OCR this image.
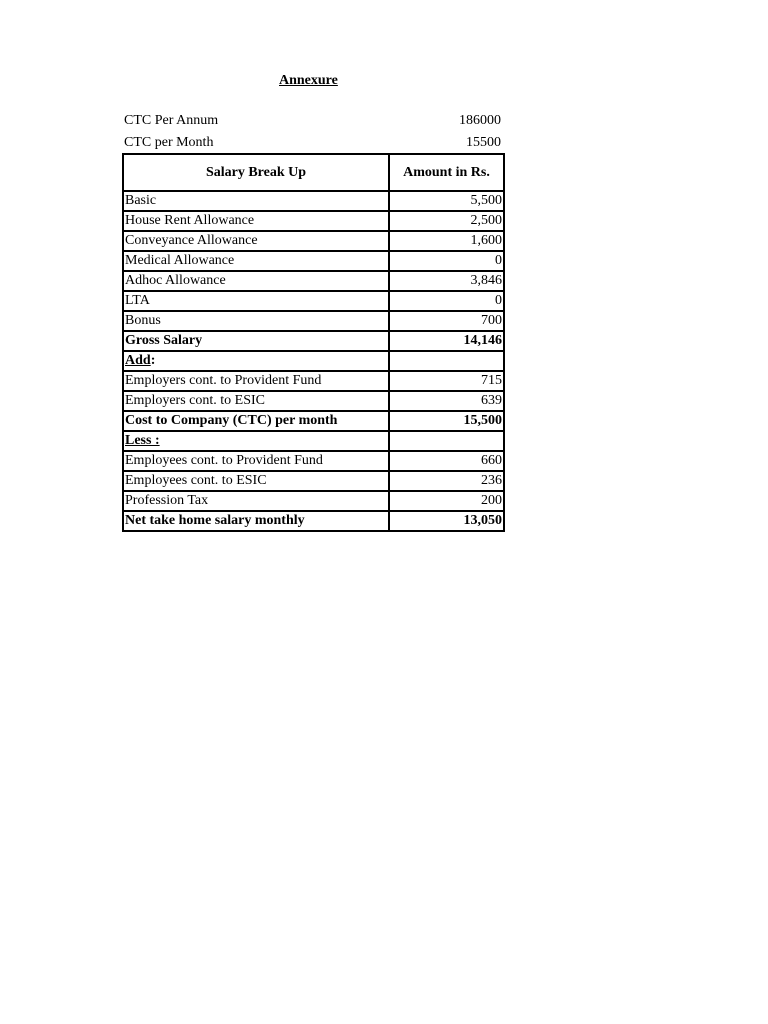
Annexure
CTC Per Annum	186000
CTC per Month	15500
Salary Break Up	Amount in Rs.
Basic	5,500
House Rent Allowance	2,500
Conveyance Allowance	1,600
Medical Allowance	0
Adhoc Allowance	3,846
LTA	0
Bonus	700
Gross Salary	14,146
Add:	
Employers cont. to Provident Fund	715
Employers cont. to ESIC	639
Cost to Company (CTC) per month	15,500
Less :	
Employees cont. to Provident Fund	660
Employees cont. to ESIC	236
Profession Tax	200
Net take home salary monthly	13,050
